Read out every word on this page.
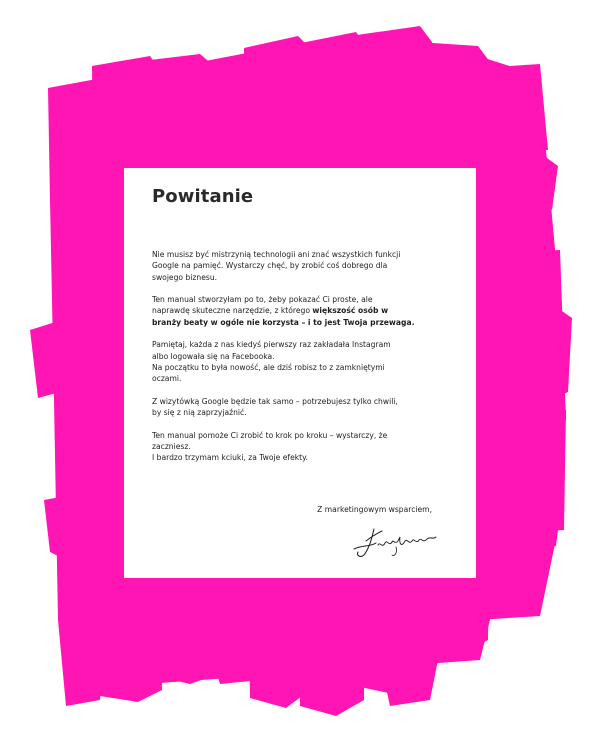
Powitanie
Nie musisz być mistrzynią technologii ani znać wszystkich funkcji
Google na pamięć. Wystarczy chęć, by zrobić coś dobrego dla
swojego biznesu.
Ten manual stworzyłam po to, żeby pokazać Ci proste, ale
naprawdę skuteczne narzędzie, z którego większość osób w
branży beaty w ogóle nie korzysta – i to jest Twoja przewaga.
Pamiętaj, każda z nas kiedyś pierwszy raz zakładała Instagram
albo logowała się na Facebooka.
Na początku to była nowość, ale dziś robisz to z zamkniętymi
oczami.
Z wizytówką Google będzie tak samo – potrzebujesz tylko chwili,
by się z nią zaprzyjaźnić.
Ten manual pomoże Ci zrobić to krok po kroku – wystarczy, że
zaczniesz.
I bardzo trzymam kciuki, za Twoje efekty.
Z marketingowym wsparciem,
